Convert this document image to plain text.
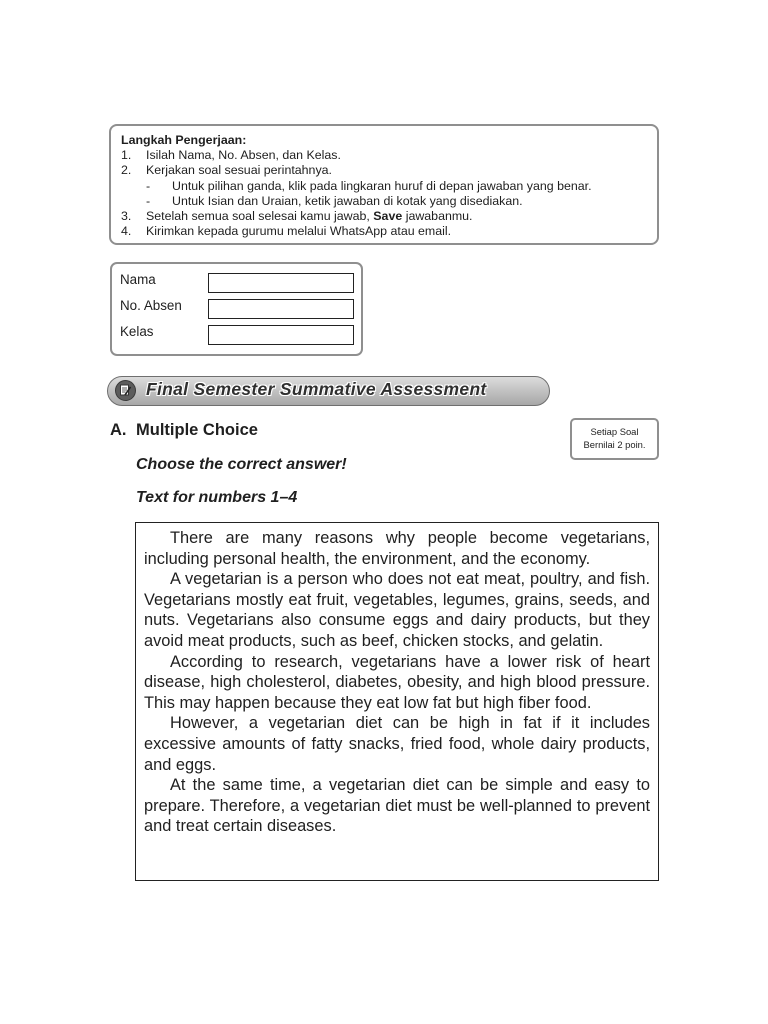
Langkah Pengerjaan:
1.	Isilah Nama, No. Absen, dan Kelas.
2.	Kerjakan soal sesuai perintahnya.
-	Untuk pilihan ganda, klik pada lingkaran huruf di depan jawaban yang benar.
-	Untuk Isian dan Uraian, ketik jawaban di kotak yang disediakan.
3.	Setelah semua soal selesai kamu jawab, Save jawabanmu.
4.	Kirimkan kepada gurumu melalui WhatsApp atau email.
Nama
No. Absen
Kelas
Final Semester Summative Assessment
A. Multiple Choice	Setiap Soal
Bernilai 2 poin.
Choose the correct answer!
Text for numbers 1–4

There are many reasons why people become vegetarians, including personal health, the environment, and the economy.

A vegetarian is a person who does not eat meat, poultry, and fish. Vegetarians mostly eat fruit, vegetables, legumes, grains, seeds, and nuts. Vegetarians also consume eggs and dairy products, but they avoid meat products, such as beef, chicken stocks, and gelatin.

According to research, vegetarians have a lower risk of heart disease, high cholesterol, diabetes, obesity, and high blood pressure. This may happen because they eat low fat but high fiber food.

However, a vegetarian diet can be high in fat if it includes excessive amounts of fatty snacks, fried food, whole dairy products, and eggs.

At the same time, a vegetarian diet can be simple and easy to prepare. Therefore, a vegetarian diet must be well-planned to prevent and treat certain diseases.
